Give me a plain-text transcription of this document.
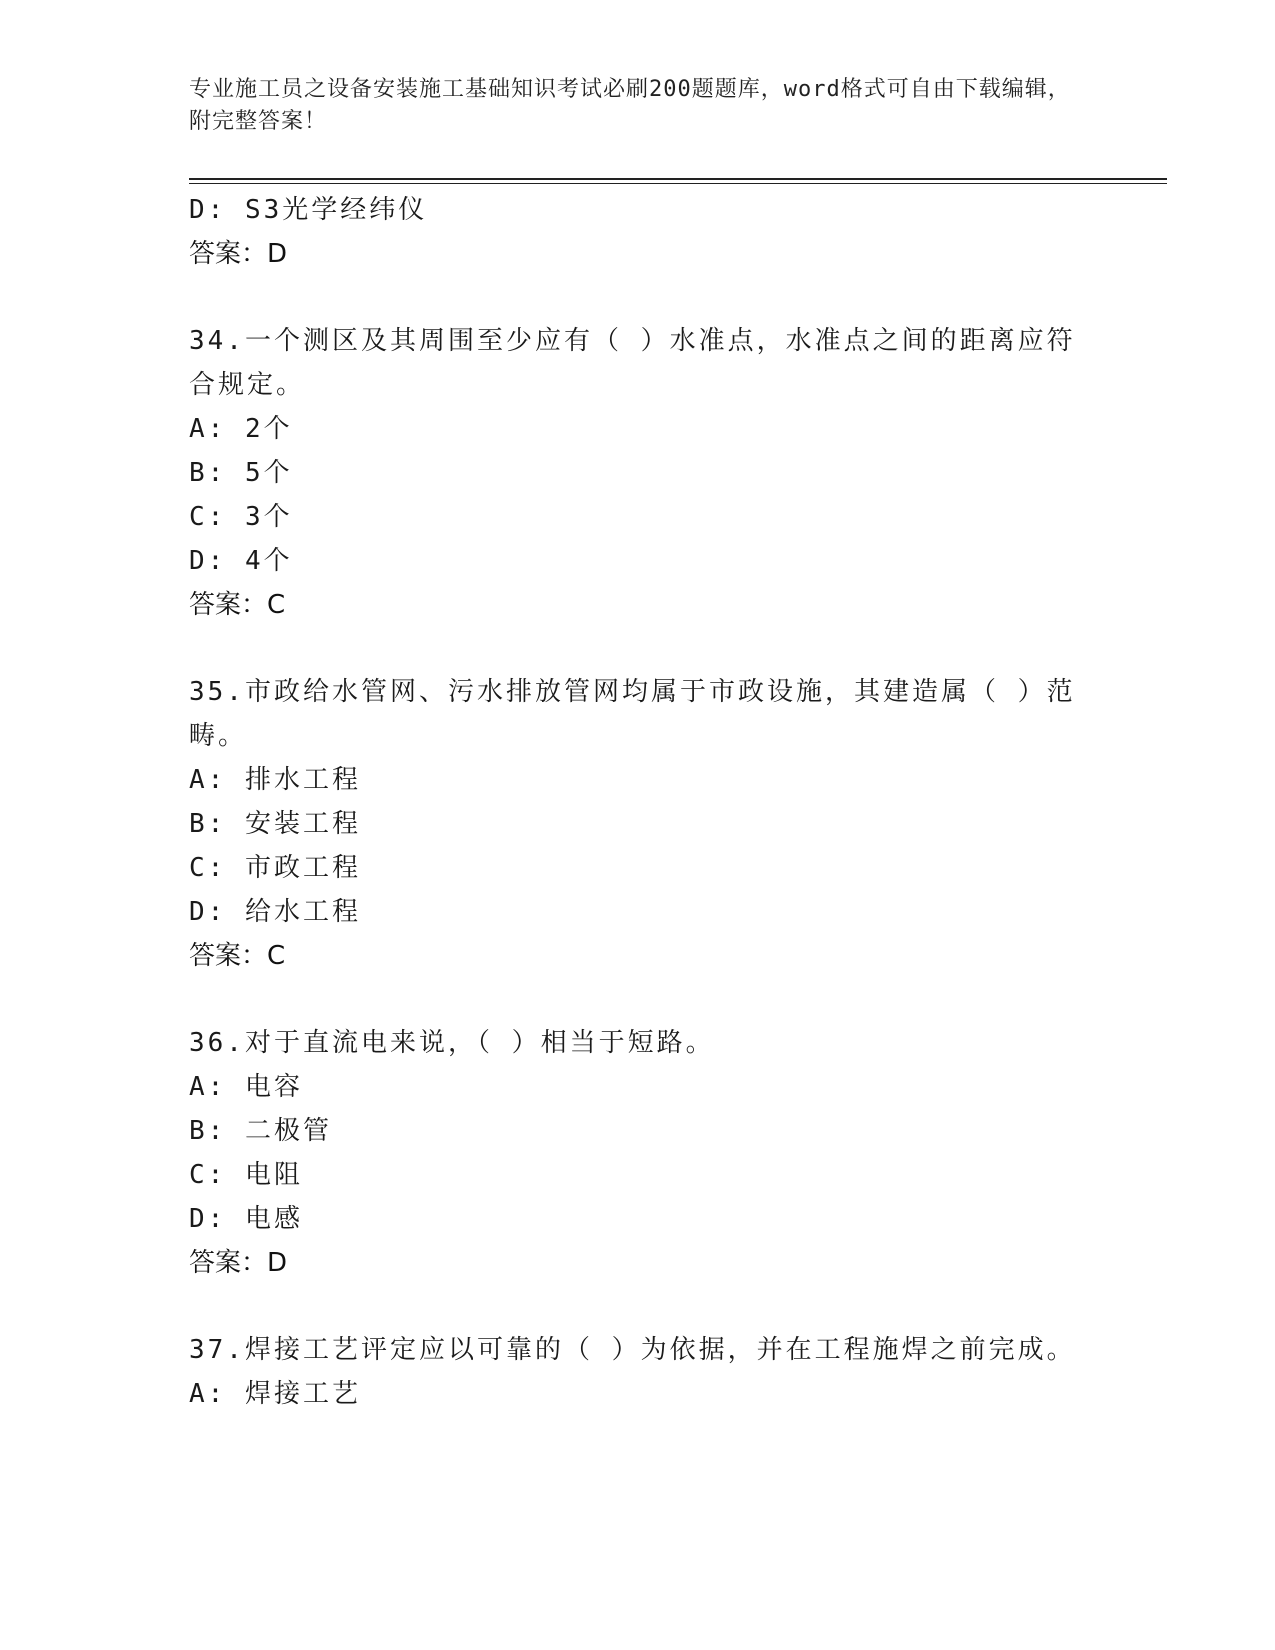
专业施工员之设备安装施工基础知识考试必刷200题题库，word格式可自由下载编辑，附完整答案！
D: S3光学经纬仪
答案：D
34.一个测区及其周围至少应有（ ）水准点，水准点之间的距离应符
合规定。
A: 2个
B: 5个
C: 3个
D: 4个
答案：C
35.市政给水管网、污水排放管网均属于市政设施，其建造属（ ）范
畴。
A: 排水工程
B: 安装工程
C: 市政工程
D: 给水工程
答案：C
36.对于直流电来说，（ ）相当于短路。
A: 电容
B: 二极管
C: 电阻
D: 电感
答案：D
37.焊接工艺评定应以可靠的（ ）为依据，并在工程施焊之前完成。
A: 焊接工艺
